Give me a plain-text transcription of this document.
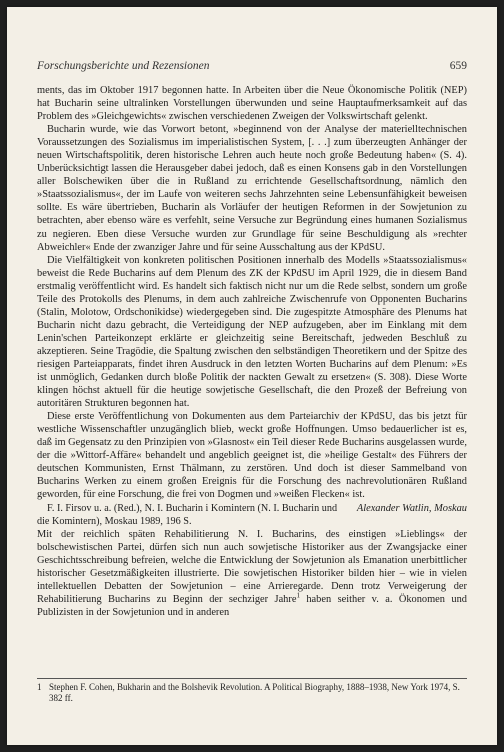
Forschungsberichte und Rezensionen	659

ments, das im Oktober 1917 begonnen hatte. In Arbeiten über die Neue Ökonomische Politik (NEP) hat Bucharin seine ultralinken Vorstellungen überwunden und seine Hauptaufmerksamkeit auf das Problem des »Gleichgewichts« zwischen verschiedenen Zweigen der Volkswirtschaft gelenkt.

Bucharin wurde, wie das Vorwort betont, »beginnend von der Analyse der materielltechnischen Voraussetzungen des Sozialismus im imperialistischen System, [. . .] zum überzeugten Anhänger der neuen Wirtschaftspolitik, deren historische Lehren auch heute noch große Bedeutung haben« (S. 4). Unberücksichtigt lassen die Herausgeber dabei jedoch, daß es einen Konsens gab in den Vorstellungen aller Bolschewiken über die in Rußland zu errichtende Gesellschaftsordnung, nämlich den »Staatssozialismus«, der im Laufe von weiteren sechs Jahrzehnten seine Lebensunfähigkeit beweisen sollte. Es wäre übertrieben, Bucharin als Vorläufer der heutigen Reformen in der Sowjetunion zu betrachten, aber ebenso wäre es verfehlt, seine Versuche zur Begründung eines humanen Sozialismus zu negieren. Eben diese Versuche wurden zur Grundlage für seine Beschuldigung als »rechter Abweichler« Ende der zwanziger Jahre und für seine Ausschaltung aus der KPdSU.

Die Vielfältigkeit von konkreten politischen Positionen innerhalb des Modells »Staatssozialismus« beweist die Rede Bucharins auf dem Plenum des ZK der KPdSU im April 1929, die in diesem Band erstmalig veröffentlicht wird. Es handelt sich faktisch nicht nur um die Rede selbst, sondern um große Teile des Protokolls des Plenums, in dem auch zahlreiche Zwischenrufe von Opponenten Bucharins (Stalin, Molotow, Ordschonikidse) wiedergegeben sind. Die zugespitzte Atmosphäre des Plenums hat Bucharin nicht dazu gebracht, die Verteidigung der NEP aufzugeben, aber im Einklang mit dem Lenin'schen Parteikonzept erklärte er gleichzeitig seine Bereitschaft, jedweden Beschluß zu akzeptieren. Seine Tragödie, die Spaltung zwischen den selbständigen Theoretikern und der Spitze des riesigen Parteiapparats, findet ihren Ausdruck in den letzten Worten Bucharins auf dem Plenum: »Es ist unmöglich, Gedanken durch bloße Politik der nackten Gewalt zu ersetzen« (S. 308). Diese Worte klingen höchst aktuell für die heutige sowjetische Gesellschaft, die den Prozeß der Befreiung von autoritären Strukturen begonnen hat.

Diese erste Veröffentlichung von Dokumenten aus dem Parteiarchiv der KPdSU, das bis jetzt für westliche Wissenschaftler unzugänglich blieb, weckt große Hoffnungen. Umso bedauerlicher ist es, daß im Gegensatz zu den Prinzipien von »Glasnost« ein Teil dieser Rede Bucharins ausgelassen wurde, der die »Wittorf-Affäre« behandelt und angeblich geeignet ist, die »heilige Gestalt« des Führers der deutschen Kommunisten, Ernst Thälmann, zu zerstören. Und doch ist dieser Sammelband von Bucharins Werken zu einem großen Ereignis für die Forschung des nachrevolutionären Rußland geworden, für eine Forschung, die frei von Dogmen und »weißen Flecken« ist.
Alexander Watlin, Moskau

F. I. Firsov u. a. (Red.), N. I. Bucharin i Komintern (N. I. Bucharin und die Komintern), Moskau 1989, 196 S.

Mit der reichlich späten Rehabilitierung N. I. Bucharins, des einstigen »Lieblings« der bolschewistischen Partei, dürfen sich nun auch sowjetische Historiker aus der Zwangsjacke einer Geschichtsschreibung befreien, welche die Entwicklung der Sowjetunion als Emanation unerbittlicher historischer Gesetzmäßigkeiten illustrierte. Die sowjetischen Historiker bilden hier – wie in vielen intellektuellen Debatten der Sowjetunion – eine Arrieregarde. Denn trotz Verweigerung der Rehabilitierung Bucharins zu Beginn der sechziger Jahre$^1$ haben seither v. a. Ökonomen und Publizisten in der Sowjetunion und in anderen

1 Stephen F. Cohen, Bukharin and the Bolshevik Revolution. A Political Biography, 1888–1938, New York 1974, S. 382 ff.
